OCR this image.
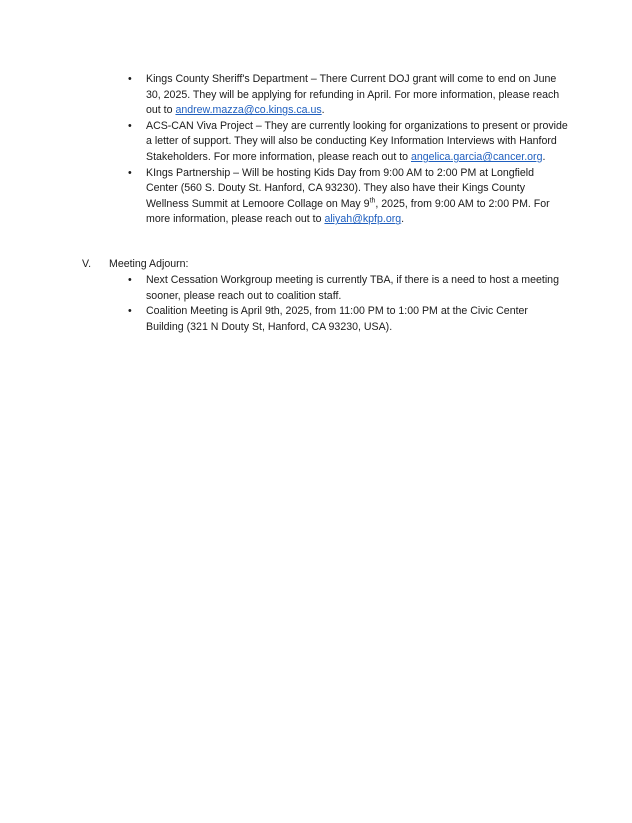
• Kings County Sheriff's Department – There Current DOJ grant will come to end on June 30, 2025. They will be applying for refunding in April. For more information, please reach out to andrew.mazza@co.kings.ca.us.
• ACS-CAN Viva Project – They are currently looking for organizations to present or provide a letter of support. They will also be conducting Key Information Interviews with Hanford Stakeholders. For more information, please reach out to angelica.garcia@cancer.org.
• KIngs Partnership – Will be hosting Kids Day from 9:00 AM to 2:00 PM at Longfield Center (560 S. Douty St. Hanford, CA 93230). They also have their Kings County Wellness Summit at Lemoore Collage on May 9th, 2025, from 9:00 AM to 2:00 PM. For more information, please reach out to aliyah@kpfp.org.
V. Meeting Adjourn:
• Next Cessation Workgroup meeting is currently TBA, if there is a need to host a meeting sooner, please reach out to coalition staff.
• Coalition Meeting is April 9th, 2025, from 11:00 PM to 1:00 PM at the Civic Center Building (321 N Douty St, Hanford, CA 93230, USA).
